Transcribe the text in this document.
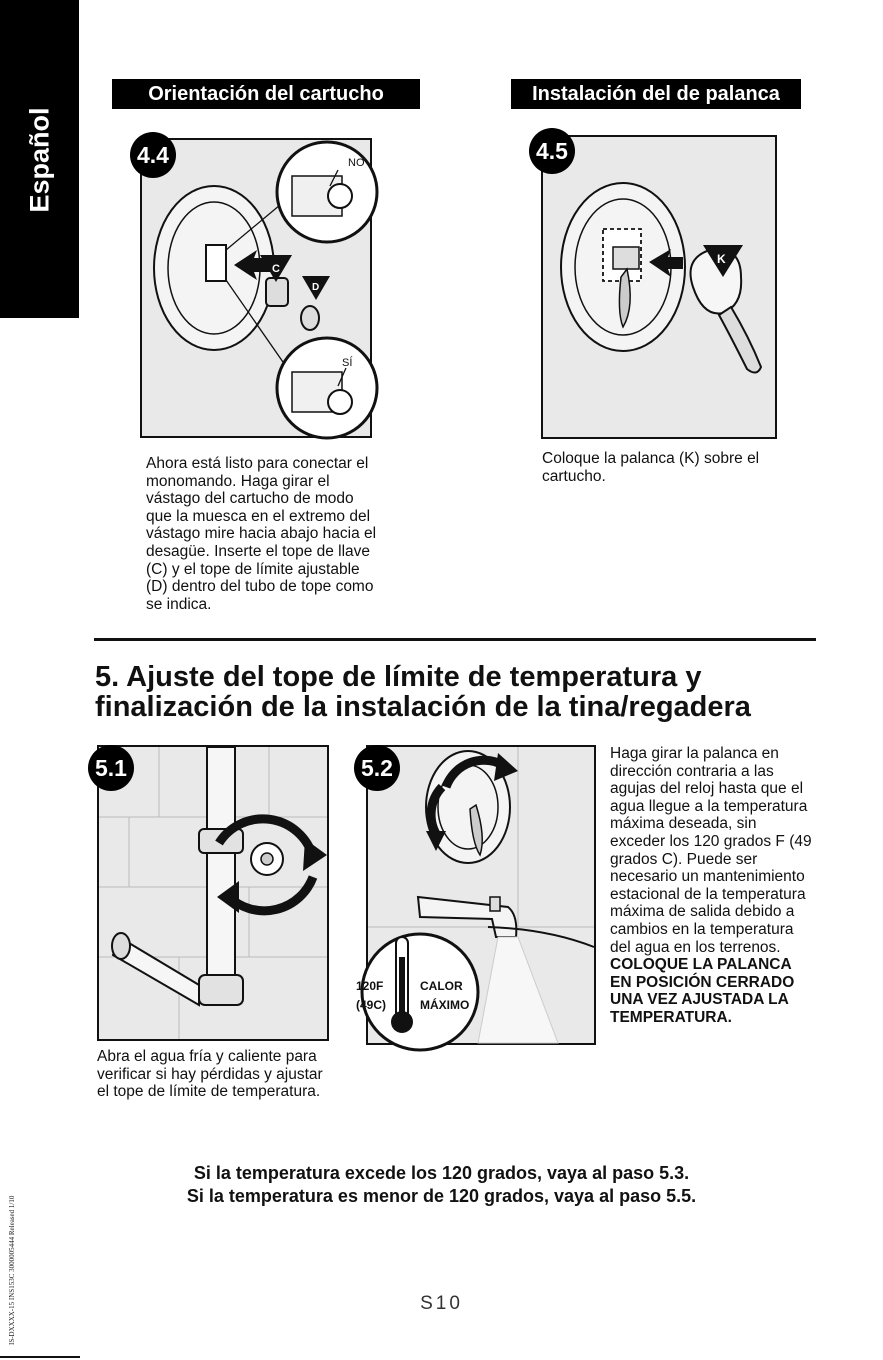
Español
Orientación del cartucho
NO
SÍ
C
D
4.4
Ahora está listo para conectar el monomando. Haga girar el vástago del cartucho de modo que la muesca en el extremo del vástago mire hacia abajo hacia el desagüe. Inserte el tope de llave (C) y el tope de límite ajustable (D) dentro del tubo de tope como se indica.
Instalación del de palanca
K
4.5
Coloque la palanca (K) sobre el cartucho.
5. Ajuste del tope de límite de temperatura y finalización de la instalación de la tina/regadera
5.1
Abra el agua fría y caliente para verificar si hay pérdidas y ajustar el tope de límite de temperatura.
120F
(49C)
CALOR
MÁXIMO
5.2
Haga girar la palanca en dirección contraria a las agujas del reloj hasta que el agua llegue a la temperatura máxima deseada, sin exceder los 120 grados F (49 grados C). Puede ser necesario un mantenimiento estacional de la temperatura máxima de salida debido a cambios en la temperatura del agua en los terrenos. COLOQUE LA PALANCA EN POSICIÓN CERRADO UNA VEZ AJUSTADA LA TEMPERATURA.
Si la temperatura excede los 120 grados, vaya al paso 5.3.
Si la temperatura es menor de 120 grados, vaya al paso 5.5.
S10
IS-DXXXX-15 INS153C 3000005444 Released 1/10
